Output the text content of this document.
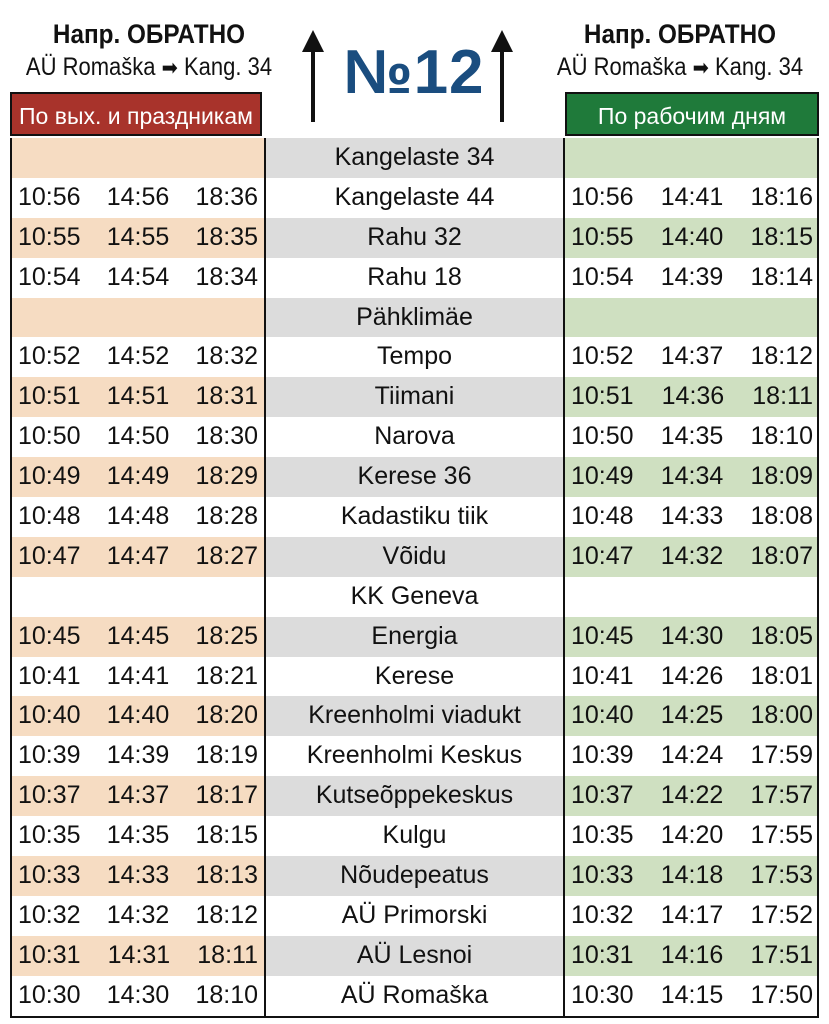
Напр. ОБРАТНО
AÜ Romaška ➡ Kang. 34 №12
Напр. ОБРАТНО
AÜ Romaška ➡ Kang. 34
По вых. и праздникам	По рабочим дням
Kangelaste 34
10:56 14:56 18:36	Kangelaste 44	10:56 14:41 18:16
10:55 14:55 18:35	Rahu 32	10:55 14:40 18:15
10:54 14:54 18:34	Rahu 18	10:54 14:39 18:14
Pähklimäe
10:52 14:52 18:32	Tempo	10:52 14:37 18:12
10:51 14:51 18:31	Tiimani	10:51 14:36 18:11
10:50 14:50 18:30	Narova	10:50 14:35 18:10
10:49 14:49 18:29	Kerese 36	10:49 14:34 18:09
10:48 14:48 18:28	Kadastiku tiik	10:48 14:33 18:08
10:47 14:47 18:27	Võidu	10:47 14:32 18:07
KK Geneva
10:45 14:45 18:25	Energia	10:45 14:30 18:05
10:41 14:41 18:21	Kerese	10:41 14:26 18:01
10:40 14:40 18:20	Kreenholmi viadukt	10:40 14:25 18:00
10:39 14:39 18:19	Kreenholmi Keskus	10:39 14:24 17:59
10:37 14:37 18:17	Kutseõppekeskus	10:37 14:22 17:57
10:35 14:35 18:15	Kulgu	10:35 14:20 17:55
10:33 14:33 18:13	Nõudepeatus	10:33 14:18 17:53
10:32 14:32 18:12	AÜ Primorski	10:32 14:17 17:52
10:31 14:31 18:11	AÜ Lesnoi	10:31 14:16 17:51
10:30 14:30 18:10	AÜ Romaška	10:30 14:15 17:50
